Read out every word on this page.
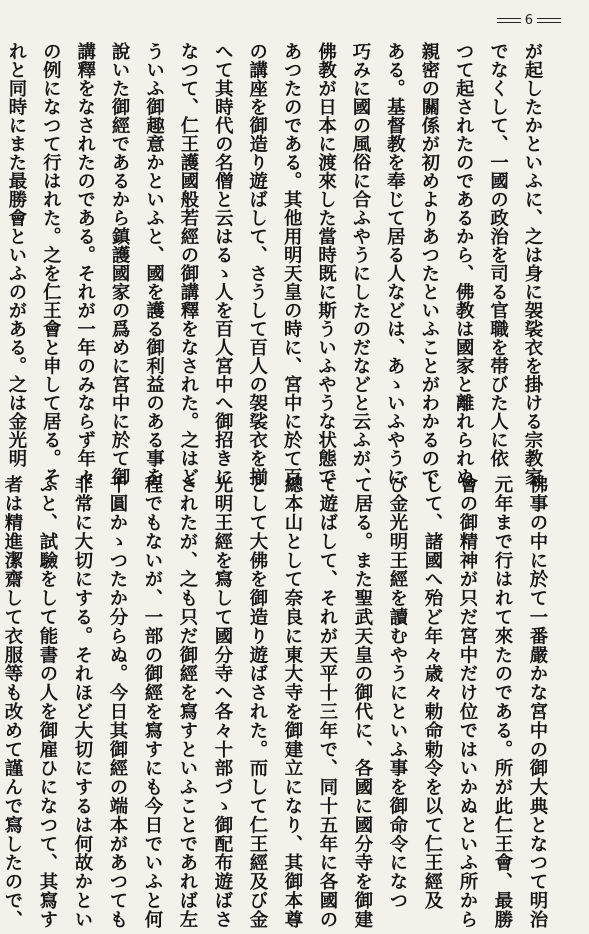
6
が起したかといふに、之は身に袈裟衣を掛ける宗教家
でなくして、一國の政治を司る官職を帯びた人に依
つて起されたのであるから、佛教は國家と離れられぬ
親密の關係が初めよりあつたといふことがわかるので
ある。基督教を奉じて居る人などは、あゝいふやうに
巧みに國の風俗に合ふやうにしたのだなどと云ふが、
佛教が日本に渡來した當時既に斯ういふやうな状態で
あつたのである。其他用明天皇の時に、宮中に於て百
の講座を御造り遊ばして、さうして百人の袈裟衣を揃
へて其時代の名僧と云はるゝ人を百人宮中へ御招きに
なつて、仁王護國般若經の御講釋をなされた。之はど
ういふ御趣意かといふと、國を護る御利益のある事を
說いた御經であるから鎮護國家の爲めに宮中に於て御
講釋をなされたのである。それが一年のみならず年々
の例になつて行はれた。之を仁王會と申して居る。そ
れと同時にまた最勝會といふのがある。之は金光明
佛事の中に於て一番嚴かな宮中の御大典となつて明治
元年まで行はれて來たのである。所が此仁王會、最勝
會の御精神が只だ宮中だけ位ではいかぬといふ所から
して、諸國へ殆ど年々歳々勅命勅令を以て仁王經及
び金光明王經を讀むやうにといふ事を御命令になつ
て居る。また聖武天皇の御代に、各國に國分寺を御建
て遊ばして、それが天平十三年で、同十五年に各國の
總本山として奈良に東大寺を御建立になり、其御本尊
として大佛を御造り遊ばされた。而して仁王經及び金
光明王經を寫して國分寺へ各々十部づゝ御配布遊ばさ
されたが、之も只だ御經を寫すといふことであれば左
程でもないが、一部の御經を寫すにも今日でいふと何
千圓かゝつたか分らぬ。今日其御經の端本があつても
非常に大切にする。それほど大切にするは何故かとい
ふと、試驗をして能書の人を御雇ひになつて、其寫す
者は精進潔齋して衣服等も改めて謹んで寫したので、
